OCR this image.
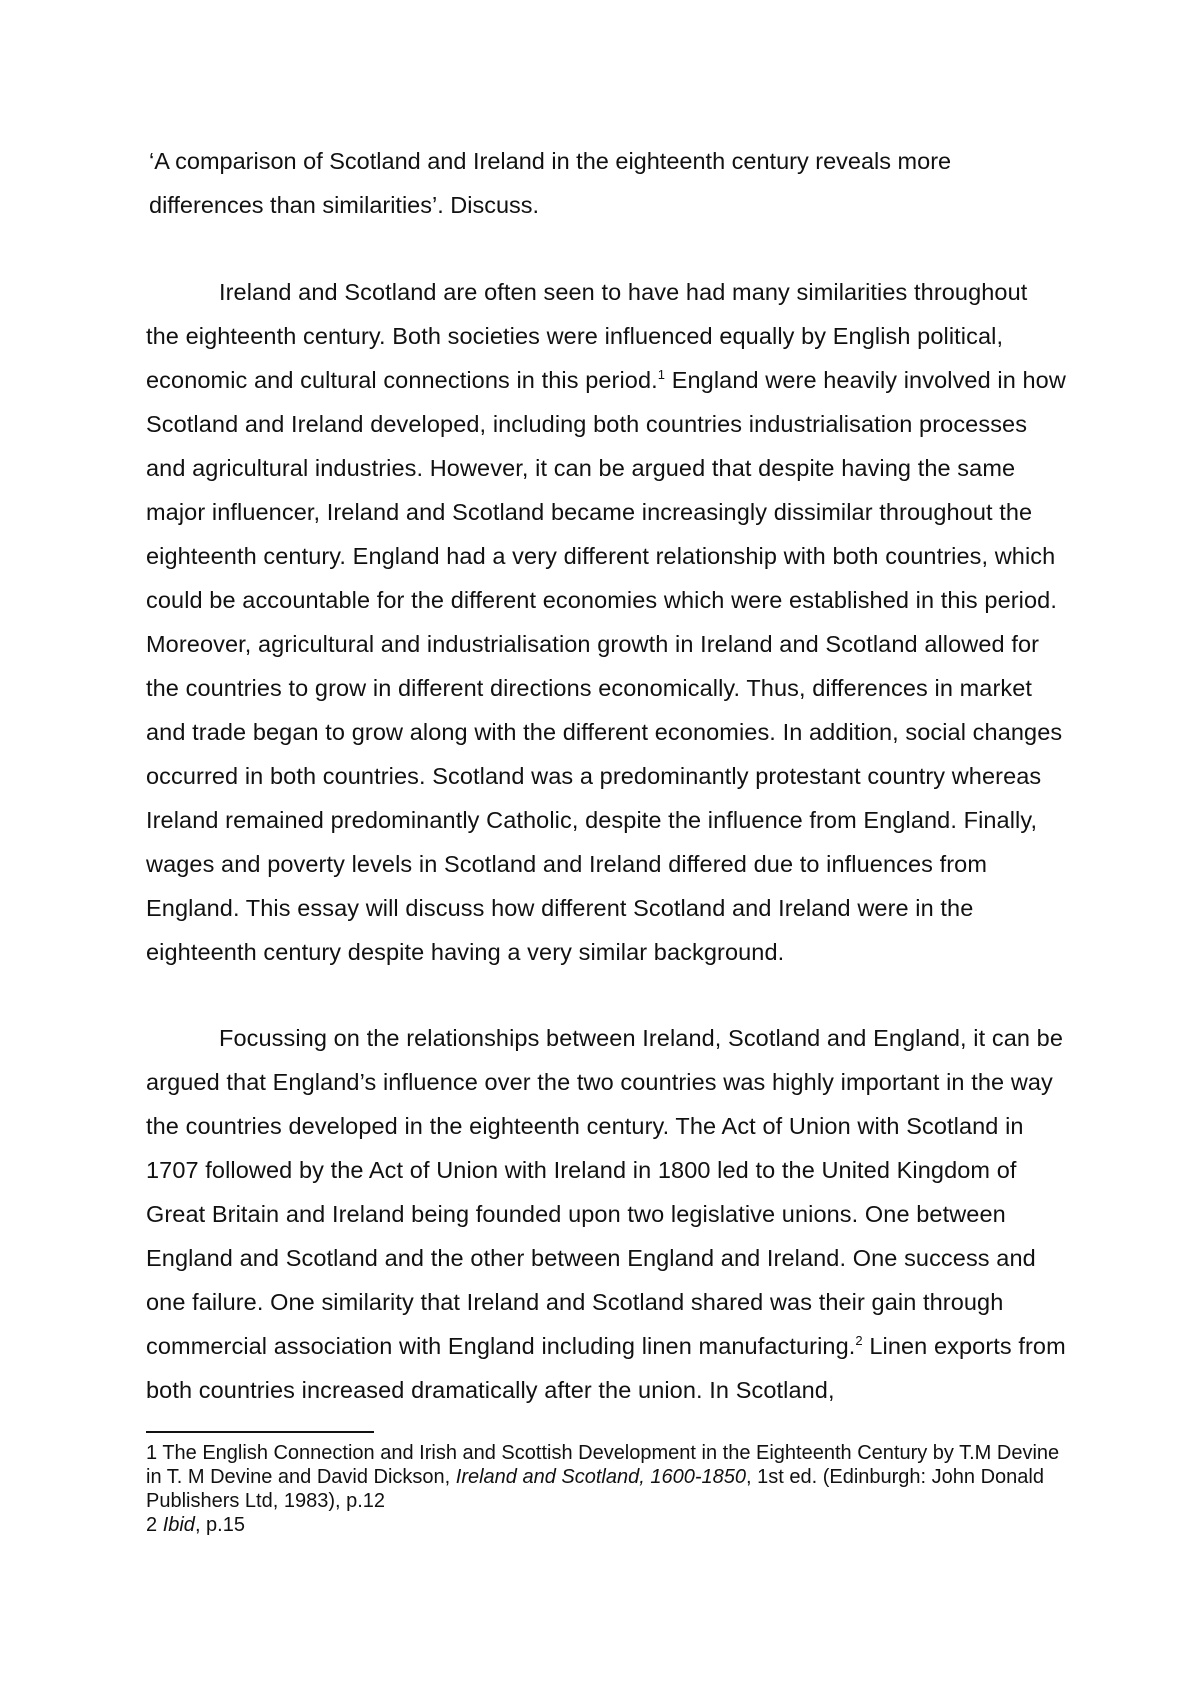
‘A comparison of Scotland and Ireland in the eighteenth century reveals more differences than similarities’. Discuss.

Ireland and Scotland are often seen to have had many similarities throughout the eighteenth century. Both societies were influenced equally by English political, economic and cultural connections in this period.$^1$ England were heavily involved in how Scotland and Ireland developed, including both countries industrialisation processes and agricultural industries. However, it can be argued that despite having the same major influencer, Ireland and Scotland became increasingly dissimilar throughout the eighteenth century. England had a very different relationship with both countries, which could be accountable for the different economies which were established in this period. Moreover, agricultural and industrialisation growth in Ireland and Scotland allowed for the countries to grow in different directions economically. Thus, differences in market and trade began to grow along with the different economies. In addition, social changes occurred in both countries. Scotland was a predominantly protestant country whereas Ireland remained predominantly Catholic, despite the influence from England. Finally, wages and poverty levels in Scotland and Ireland differed due to influences from England. This essay will discuss how different Scotland and Ireland were in the eighteenth century despite having a very similar background.

Focussing on the relationships between Ireland, Scotland and England, it can be argued that England’s influence over the two countries was highly important in the way the countries developed in the eighteenth century. The Act of Union with Scotland in 1707 followed by the Act of Union with Ireland in 1800 led to the United Kingdom of Great Britain and Ireland being founded upon two legislative unions. One between England and Scotland and the other between England and Ireland. One success and one failure. One similarity that Ireland and Scotland shared was their gain through commercial association with England including linen manufacturing.$^2$ Linen exports from both countries increased dramatically after the union. In Scotland,

1 The English Connection and Irish and Scottish Development in the Eighteenth Century by T.M Devine in T. M Devine and David Dickson, Ireland and Scotland, 1600-1850, 1st ed. (Edinburgh: John Donald Publishers Ltd, 1983), p.12

2 Ibid, p.15
